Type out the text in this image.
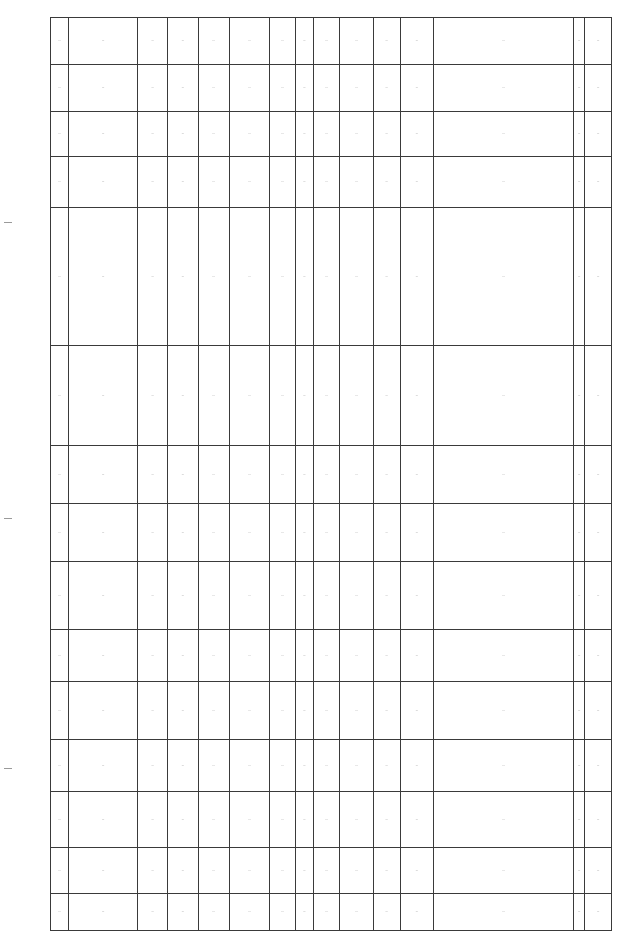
…	…	…	…	…	…	…	…	…	…	…	…	…	…	…
…	…	…	…	…	…	…	…	…	…	…	…	…	…	…
…	…	…	…	…	…	…	…	…	…	…	…	…	…	…
…	…	…	…	…	…	…	…	…	…	…	…	…	…	…
…	…	…	…	…	…	…	…	…	…	…	…	…	…	…
…	…	…	…	…	…	…	…	…	…	…	…	…	…	…
…	…	…	…	…	…	…	…	…	…	…	…	…	…	…
…	…	…	…	…	…	…	…	…	…	…	…	…	…	…
…	…	…	…	…	…	…	…	…	…	…	…	…	…	…
…	…	…	…	…	…	…	…	…	…	…	…	…	…	…
…	…	…	…	…	…	…	…	…	…	…	…	…	…	…
…	…	…	…	…	…	…	…	…	…	…	…	…	…	…
…	…	…	…	…	…	…	…	…	…	…	…	…	…	…
…	…	…	…	…	…	…	…	…	…	…	…	…	…	…
…	…	…	…	…	…	…	…	…	…	…	…	…	…	…
